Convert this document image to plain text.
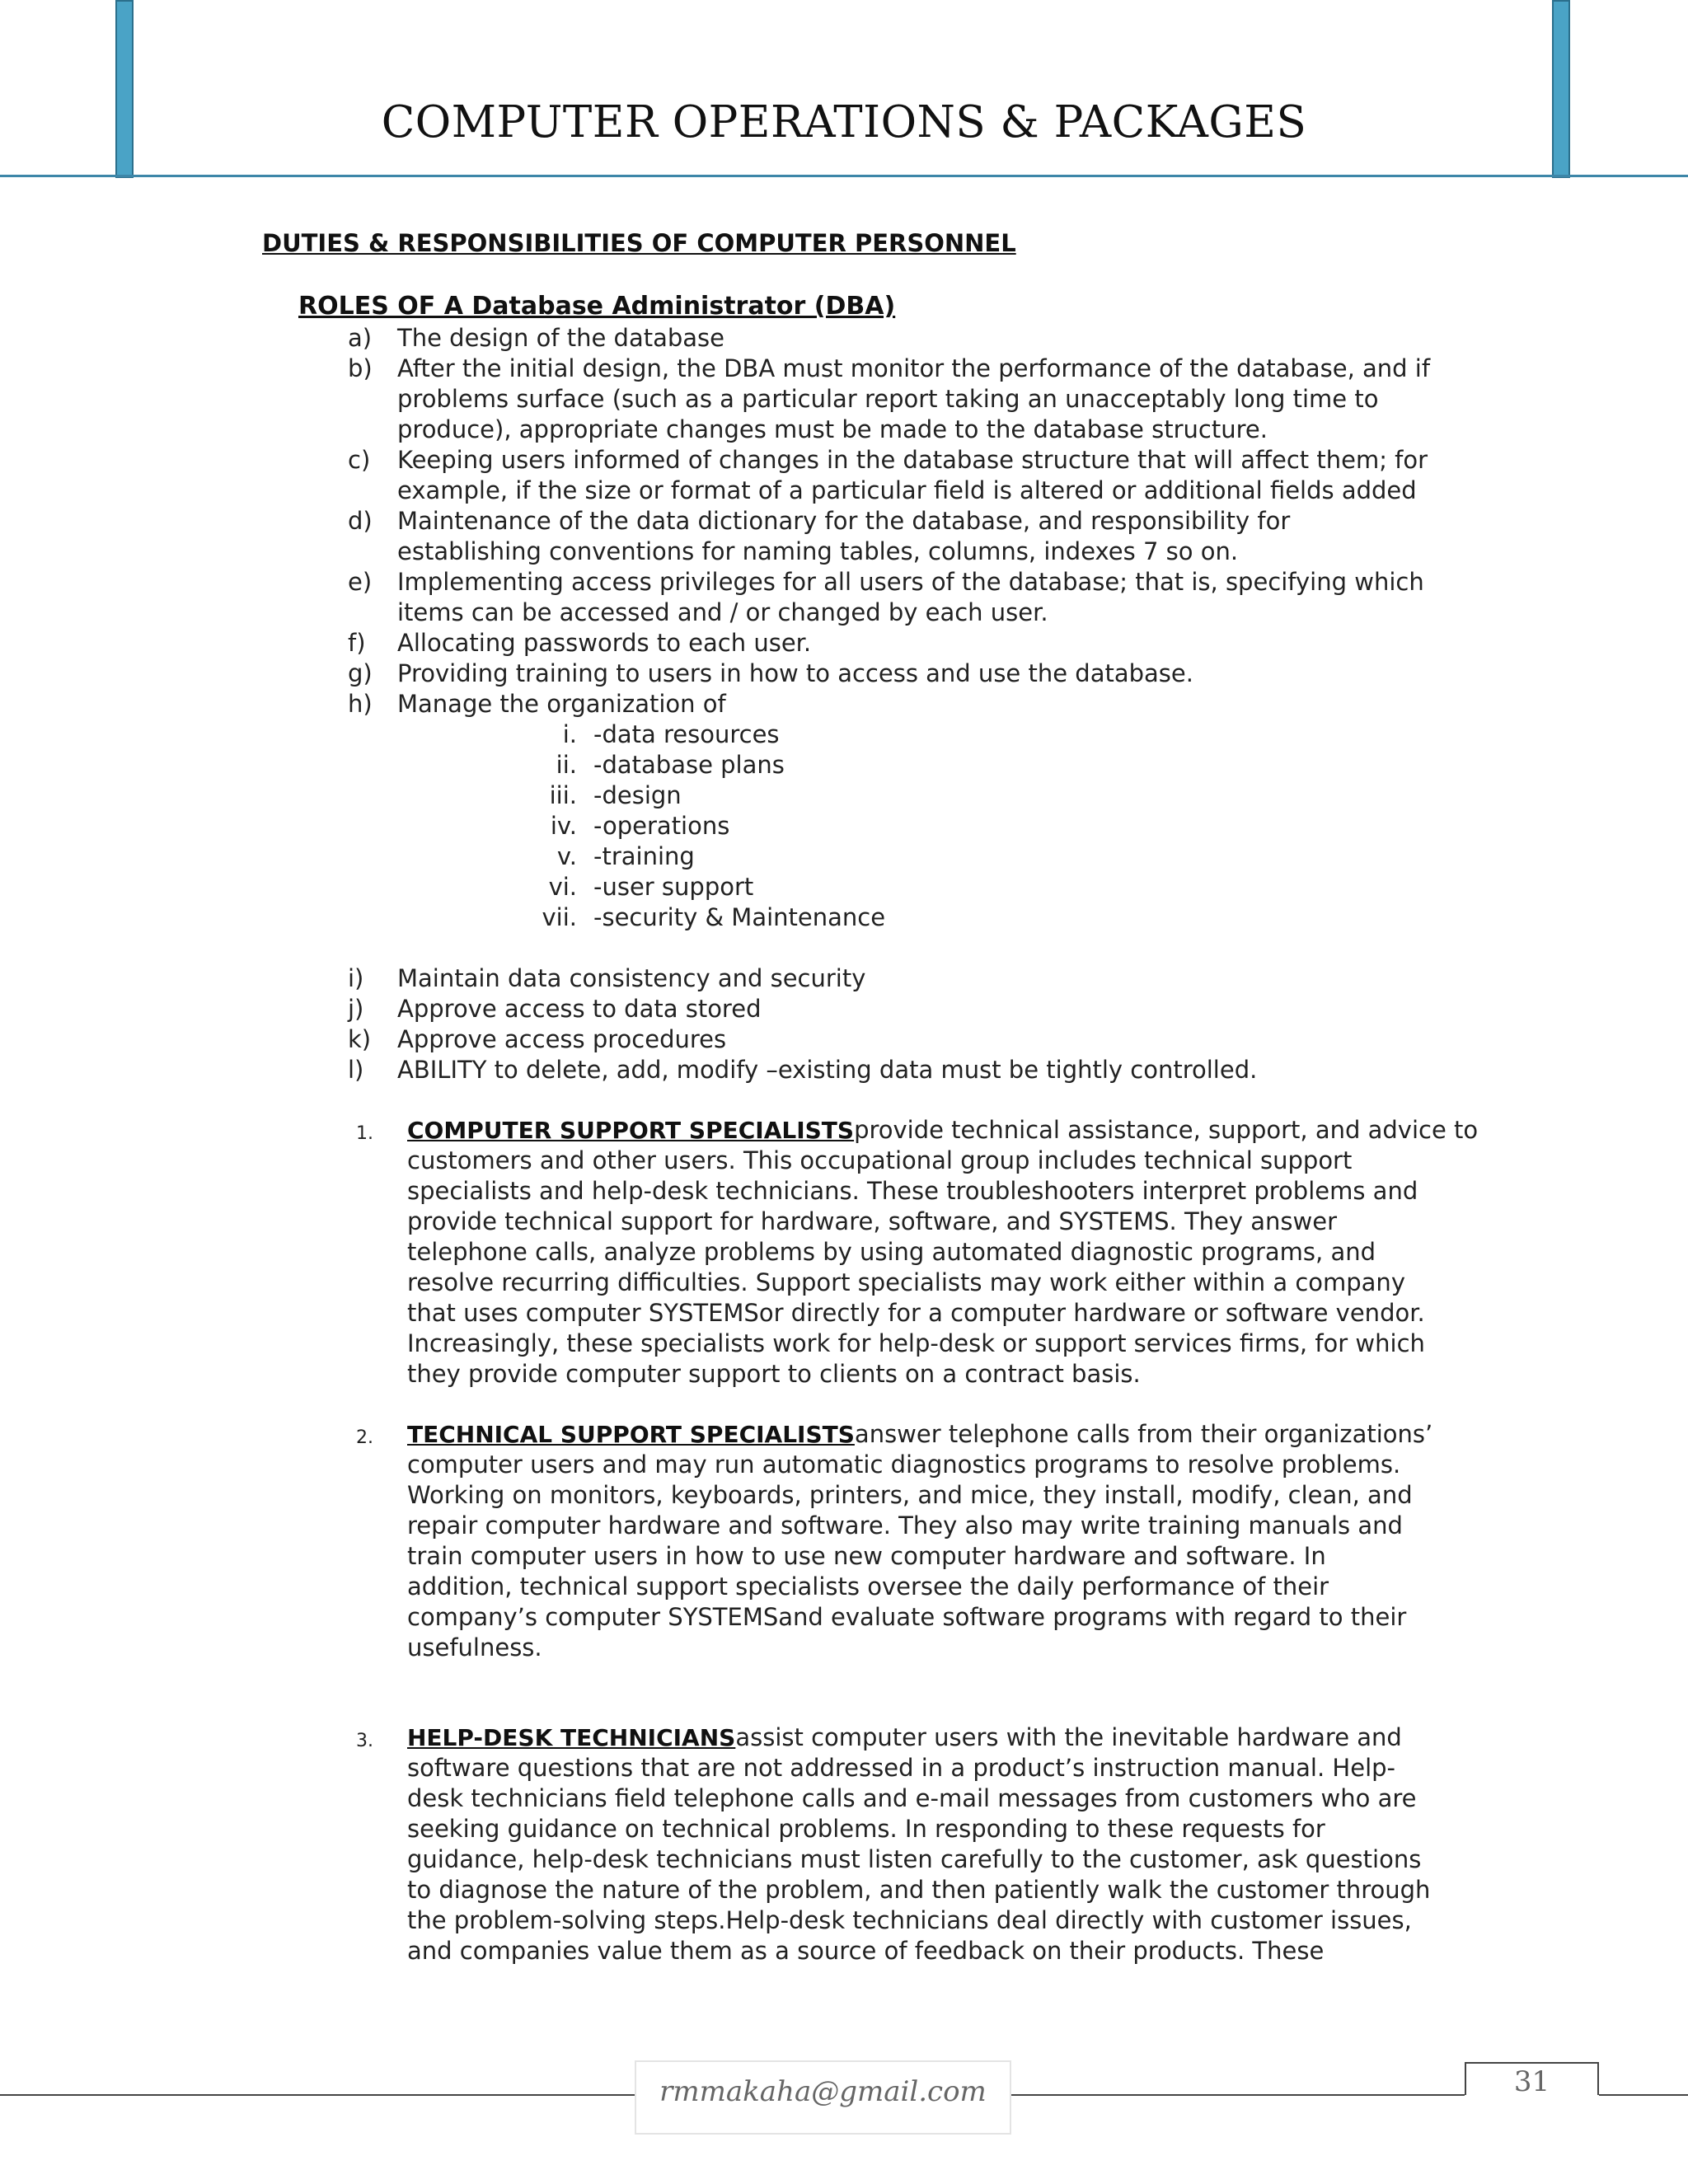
COMPUTER OPERATIONS & PACKAGES
DUTIES & RESPONSIBILITIES OF COMPUTER PERSONNEL
ROLES OF A Database Administrator (DBA)
a)	The design of the database
b)	After the initial design, the DBA must monitor the performance of the database, and if
problems surface (such as a particular report taking an unacceptably long time to
produce), appropriate changes must be made to the database structure.
c)	Keeping users informed of changes in the database structure that will affect them; for
example, if the size or format of a particular field is altered or additional fields added
d)	Maintenance of the data dictionary for the database, and responsibility for
establishing conventions for naming tables, columns, indexes 7 so on.
e)	Implementing access privileges for all users of the database; that is, specifying which
items can be accessed and / or changed by each user.
f)	Allocating passwords to each user.
g)	Providing training to users in how to access and use the database.
h)	Manage the organization of
i. -data resources
ii. -database plans
iii. -design
iv. -operations
v. -training
vi. -user support
vii. -security & Maintenance
i)	Maintain data consistency and security
j)	Approve access to data stored
k)	Approve access procedures
l)	ABILITY to delete, add, modify –existing data must be tightly controlled.
1. COMPUTER SUPPORT SPECIALISTSprovide technical assistance, support, and advice to
customers and other users. This occupational group includes technical support
specialists and help-desk technicians. These troubleshooters interpret problems and
provide technical support for hardware, software, and SYSTEMS. They answer
telephone calls, analyze problems by using automated diagnostic programs, and
resolve recurring difficulties. Support specialists may work either within a company
that uses computer SYSTEMSor directly for a computer hardware or software vendor.
Increasingly, these specialists work for help-desk or support services firms, for which
they provide computer support to clients on a contract basis.
2. TECHNICAL SUPPORT SPECIALISTSanswer telephone calls from their organizations’
computer users and may run automatic diagnostics programs to resolve problems.
Working on monitors, keyboards, printers, and mice, they install, modify, clean, and
repair computer hardware and software. They also may write training manuals and
train computer users in how to use new computer hardware and software. In
addition, technical support specialists oversee the daily performance of their
company’s computer SYSTEMSand evaluate software programs with regard to their
usefulness.
3. HELP-DESK TECHNICIANSassist computer users with the inevitable hardware and
software questions that are not addressed in a product’s instruction manual. Help-
desk technicians field telephone calls and e-mail messages from customers who are
seeking guidance on technical problems. In responding to these requests for
guidance, help-desk technicians must listen carefully to the customer, ask questions
to diagnose the nature of the problem, and then patiently walk the customer through
the problem-solving steps.Help-desk technicians deal directly with customer issues,
and companies value them as a source of feedback on their products. These
rmmakaha@gmail.com	31
